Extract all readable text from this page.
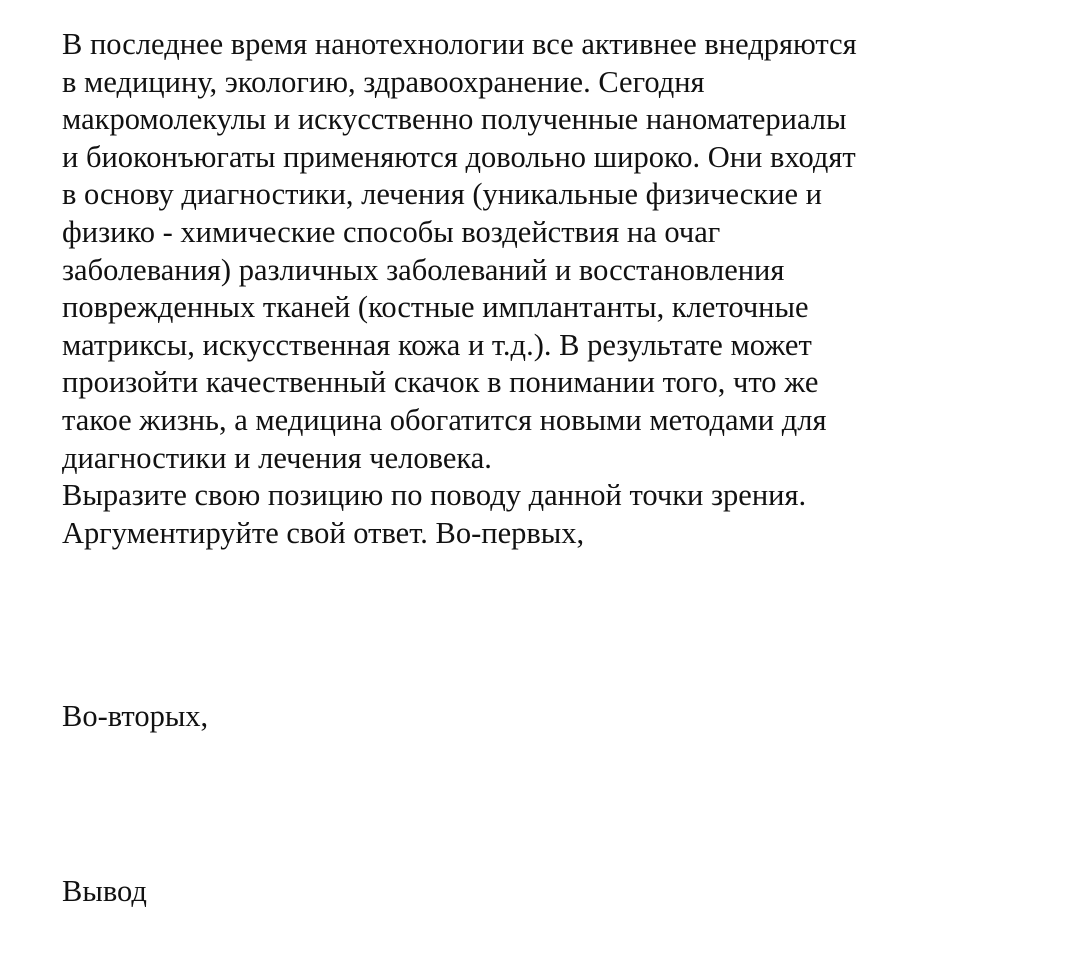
В последнее время нанотехнологии все активнее внедряются
в медицину, экологию, здравоохранение. Сегодня
макромолекулы и искусственно полученные наноматериалы
и биоконъюгаты применяются довольно широко. Они входят
в основу диагностики, лечения (уникальные физические и
физико - химические способы воздействия на очаг
заболевания) различных заболеваний и восстановления
поврежденных тканей (костные имплантанты, клеточные
матриксы, искусственная кожа и т.д.). В результате может
произойти качественный скачок в понимании того, что же
такое жизнь, а медицина обогатится новыми методами для
диагностики и лечения человека.
Выразите свою позицию по поводу данной точки зрения.
Аргументируйте свой ответ. Во-первых,
Во-вторых,
Вывод
